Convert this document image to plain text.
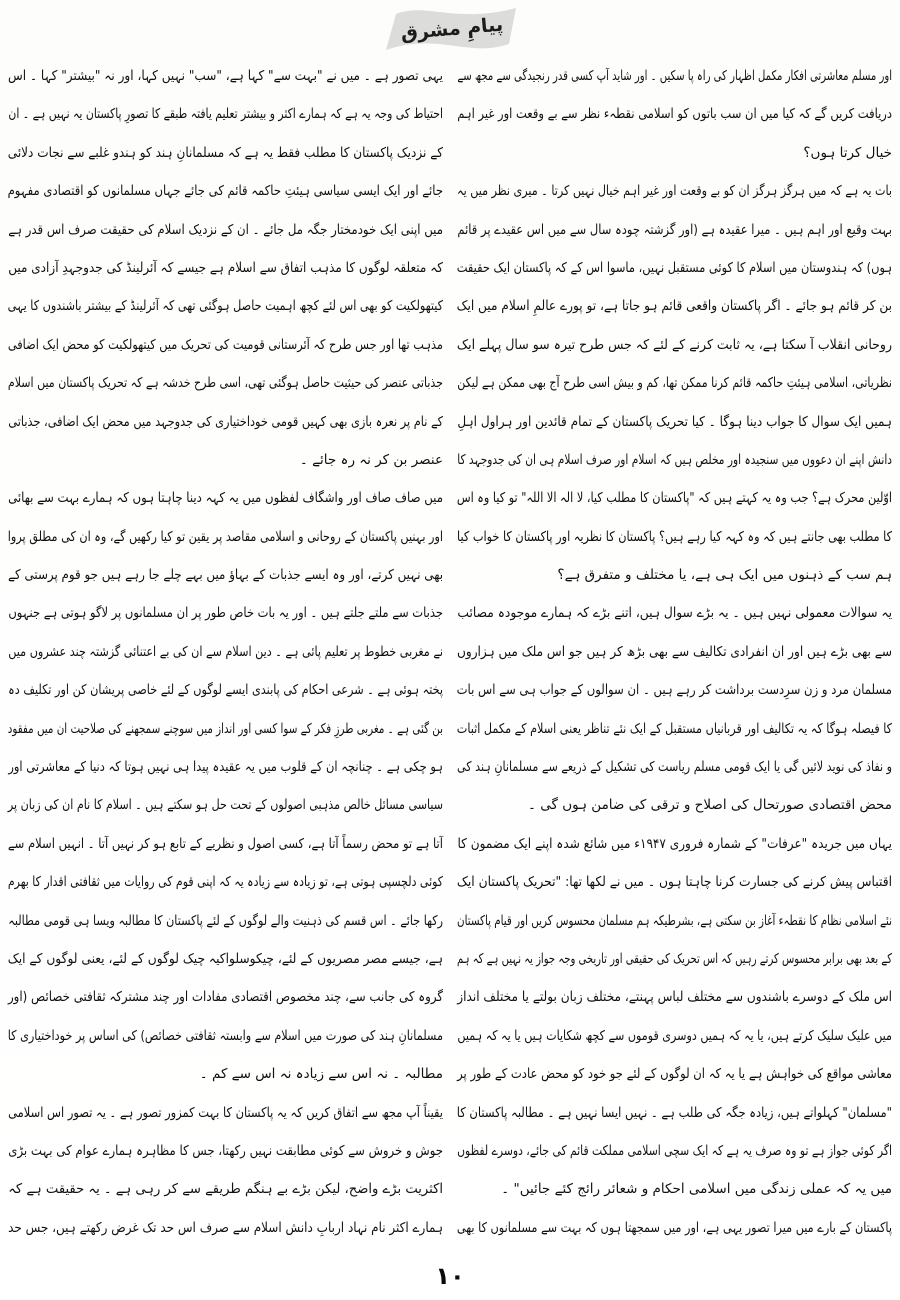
پیامِ مشرق
اور مسلم معاشرتی افکار مکمل اظہار کی راہ پا سکیں ۔ اور شاید آپ کسی قدر رنجیدگی سے مجھ سے
دریافت کریں گے کہ کیا میں ان سب باتوں کو اسلامی نقطہء نظر سے بے وقعت اور غیر اہم
خیال کرتا ہوں؟
بات یہ ہے کہ میں ہرگز ہرگز ان کو بے وقعت اور غیر اہم خیال نہیں کرتا ۔ میری نظر میں یہ
بہت وقیع اور اہم ہیں ۔ میرا عقیدہ ہے (اور گزشتہ چودہ سال سے میں اس عقیدے پر قائم
ہوں) کہ ہندوستان میں اسلام کا کوئی مستقبل نہیں، ماسوا اس کے کہ پاکستان ایک حقیقت
بن کر قائم ہو جائے ۔ اگر پاکستان واقعی قائم ہو جاتا ہے، تو پورے عالمِ اسلام میں ایک
روحانی انقلاب آ سکتا ہے، یہ ثابت کرنے کے لئے کہ جس طرح تیرہ سو سال پہلے ایک
نظریاتی، اسلامی ہیئتِ حاکمہ قائم کرنا ممکن تھا، کم و بیش اسی طرح آج بھی ممکن ہے لیکن
ہمیں ایک سوال کا جواب دینا ہوگا ۔ کیا تحریک پاکستان کے تمام قائدین اور ہراول اہلِ
دانش اپنے ان دعووں میں سنجیدہ اور مخلص ہیں کہ اسلام اور صرف اسلام ہی ان کی جدوجہد کا
اوّلین محرک ہے؟ جب وہ یہ کہتے ہیں کہ "پاکستان کا مطلب کیا، لا الہ الا اللہ" تو کیا وہ اس
کا مطلب بھی جانتے ہیں کہ وہ کہہ کیا رہے ہیں؟ پاکستان کا نظریہ اور پاکستان کا خواب کیا
ہم سب کے ذہنوں میں ایک ہی ہے، یا مختلف و متفرق ہے؟
یہ سوالات معمولی نہیں ہیں ۔ یہ بڑے سوال ہیں، اتنے بڑے کہ ہمارے موجودہ مصائب
سے بھی بڑے ہیں اور ان انفرادی تکالیف سے بھی بڑھ کر ہیں جو اس ملک میں ہزاروں
مسلمان مرد و زن سرِدست برداشت کر رہے ہیں ۔ ان سوالوں کے جواب ہی سے اس بات
کا فیصلہ ہوگا کہ یہ تکالیف اور قربانیاں مستقبل کے ایک نئے تناظر یعنی اسلام کے مکمل اثبات
و نفاذ کی نوید لائیں گی یا ایک قومی مسلم ریاست کی تشکیل کے ذریعے سے مسلمانانِ ہند کی
محض اقتصادی صورتحال کی اصلاح و ترقی کی ضامن ہوں گی ۔
یہاں میں جریدہ "عرفات" کے شمارہ فروری ۱۹۴۷ء میں شائع شدہ اپنے ایک مضمون کا
اقتباس پیش کرنے کی جسارت کرنا چاہتا ہوں ۔ میں نے لکھا تھا: "تحریک پاکستان ایک
نئے اسلامی نظام کا نقطہء آغاز بن سکتی ہے، بشرطیکہ ہم مسلمان محسوس کریں اور قیام پاکستان
کے بعد بھی برابر محسوس کرتے رہیں کہ اس تحریک کی حقیقی اور تاریخی وجہ جواز یہ نہیں ہے کہ ہم
اس ملک کے دوسرے باشندوں سے مختلف لباس پہنتے، مختلف زبان بولتے یا مختلف انداز
میں علیک سلیک کرتے ہیں، یا یہ کہ ہمیں دوسری قوموں سے کچھ شکایات ہیں یا یہ کہ ہمیں
معاشی مواقع کی خواہش ہے یا یہ کہ ان لوگوں کے لئے جو خود کو محض عادت کے طور پر
"مسلمان" کہلواتے ہیں، زیادہ جگہ کی طلب ہے ۔ نہیں ایسا نہیں ہے ۔ مطالبہ پاکستان کا
اگر کوئی جواز ہے تو وہ صرف یہ ہے کہ ایک سچی اسلامی مملکت قائم کی جائے، دوسرے لفظوں
میں یہ کہ عملی زندگی میں اسلامی احکام و شعائر رائج کئے جائیں" ۔
پاکستان کے بارے میں میرا تصور یہی ہے، اور میں سمجھتا ہوں کہ بہت سے مسلمانوں کا بھی
یہی تصور ہے ۔ میں نے "بہت سے" کہا ہے، "سب" نہیں کہا، اور نہ "بیشتر" کہا ۔ اس
احتیاط کی وجہ یہ ہے کہ ہمارے اکثر و بیشتر تعلیم یافتہ طبقے کا تصورِ پاکستان یہ نہیں ہے ۔ ان
کے نزدیک پاکستان کا مطلب فقط یہ ہے کہ مسلمانانِ ہند کو ہندو غلبے سے نجات دلائی
جائے اور ایک ایسی سیاسی ہیئتِ حاکمہ قائم کی جائے جہاں مسلمانوں کو اقتصادی مفہوم
میں اپنی ایک خودمختار جگہ مل جائے ۔ ان کے نزدیک اسلام کی حقیقت صرف اس قدر ہے
کہ متعلقہ لوگوں کا مذہب اتفاق سے اسلام ہے جیسے کہ آئرلینڈ کی جدوجہدِ آزادی میں
کیتھولکیت کو بھی اس لئے کچھ اہمیت حاصل ہوگئی تھی کہ آئرلینڈ کے بیشتر باشندوں کا یہی
مذہب تھا اور جس طرح کہ آئرستانی قومیت کی تحریک میں کیتھولکیت کو محض ایک اضافی
جذباتی عنصر کی حیثیت حاصل ہوگئی تھی، اسی طرح خدشہ ہے کہ تحریک پاکستان میں اسلام
کے نام پر نعرہ بازی بھی کہیں قومی خوداختیاری کی جدوجہد میں محض ایک اضافی، جذباتی
عنصر بن کر نہ رہ جائے ۔
میں صاف صاف اور واشگاف لفظوں میں یہ کہہ دینا چاہتا ہوں کہ ہمارے بہت سے بھائی
اور بہنیں پاکستان کے روحانی و اسلامی مقاصد پر یقین تو کیا رکھیں گے، وہ ان کی مطلق پروا
بھی نہیں کرتے، اور وہ ایسے جذبات کے بہاؤ میں بہے چلے جا رہے ہیں جو قوم پرستی کے
جذبات سے ملتے جلتے ہیں ۔ اور یہ بات خاص طور پر ان مسلمانوں پر لاگو ہوتی ہے جنہوں
نے مغربی خطوط پر تعلیم پائی ہے ۔ دین اسلام سے ان کی بے اعتنائی گزشتہ چند عشروں میں
پختہ ہوئی ہے ۔ شرعی احکام کی پابندی ایسے لوگوں کے لئے خاصی پریشان کن اور تکلیف دہ
بن گئی ہے ۔ مغربی طرزِ فکر کے سوا کسی اور انداز میں سوچنے سمجھنے کی صلاحیت ان میں مفقود
ہو چکی ہے ۔ چنانچہ ان کے قلوب میں یہ عقیدہ پیدا ہی نہیں ہوتا کہ دنیا کے معاشرتی اور
سیاسی مسائل خالص مذہبی اصولوں کے تحت حل ہو سکتے ہیں ۔ اسلام کا نام ان کی زبان پر
آتا ہے تو محض رسماً آتا ہے، کسی اصول و نظریے کے تابع ہو کر نہیں آتا ۔ انہیں اسلام سے
کوئی دلچسپی ہوتی ہے، تو زیادہ سے زیادہ یہ کہ اپنی قوم کی روایات میں ثقافتی اقدار کا بھرم
رکھا جائے ۔ اس قسم کی ذہنیت والے لوگوں کے لئے پاکستان کا مطالبہ ویسا ہی قومی مطالبہ
ہے، جیسے مصر مصریوں کے لئے، چیکوسلواکیہ چیک لوگوں کے لئے، یعنی لوگوں کے ایک
گروہ کی جانب سے، چند مخصوص اقتصادی مفادات اور چند مشترکہ ثقافتی خصائص (اور
مسلمانانِ ہند کی صورت میں اسلام سے وابستہ ثقافتی خصائص) کی اساس پر خوداختیاری کا
مطالبہ ۔ نہ اس سے زیادہ نہ اس سے کم ۔
یقیناً آپ مجھ سے اتفاق کریں کہ یہ پاکستان کا بہت کمزور تصور ہے ۔ یہ تصور اس اسلامی
جوش و خروش سے کوئی مطابقت نہیں رکھتا، جس کا مظاہرہ ہمارے عوام کی بہت بڑی
اکثریت بڑے واضح، لیکن بڑے بے ہنگم طریقے سے کر رہی ہے ۔ یہ حقیقت ہے کہ
ہمارے اکثر نام نہاد اربابِ دانش اسلام سے صرف اس حد تک غرض رکھتے ہیں، جس حد
۱۰
